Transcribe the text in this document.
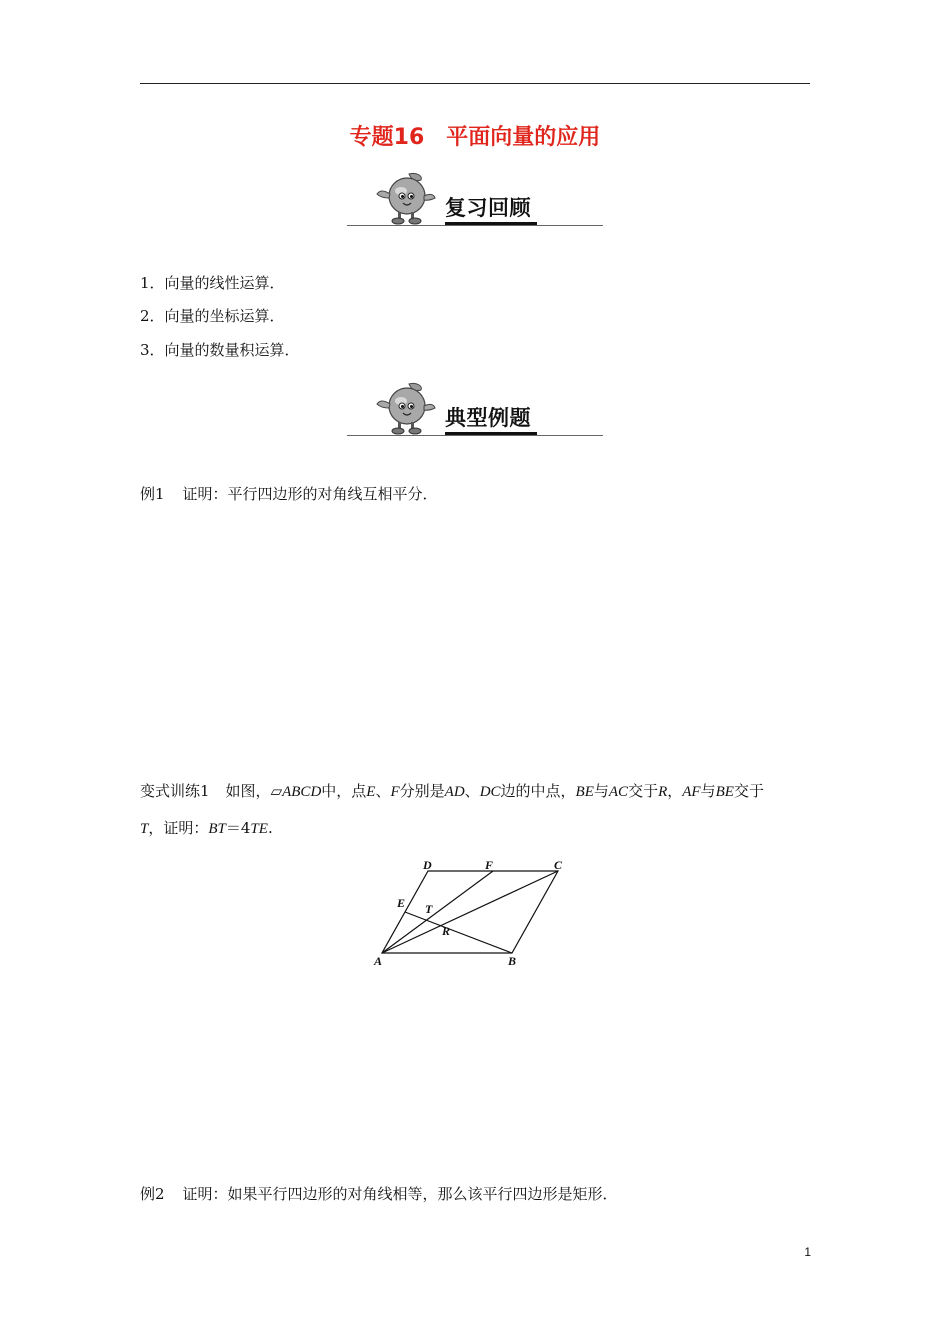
专题16 平面向量的应用
复习回顾
1．向量的线性运算．
2．向量的坐标运算．
3．向量的数量积运算．
典型例题
例1 证明：平行四边形的对角线互相平分．
变式训练1 如图，▱ABCD中，点E、F分别是AD、DC边的中点，BE与AC交于R，AF与BE交于
T，证明：BT＝4TE.
A	B
C
D
E
F
T
R
例2 证明：如果平行四边形的对角线相等，那么该平行四边形是矩形．
1
